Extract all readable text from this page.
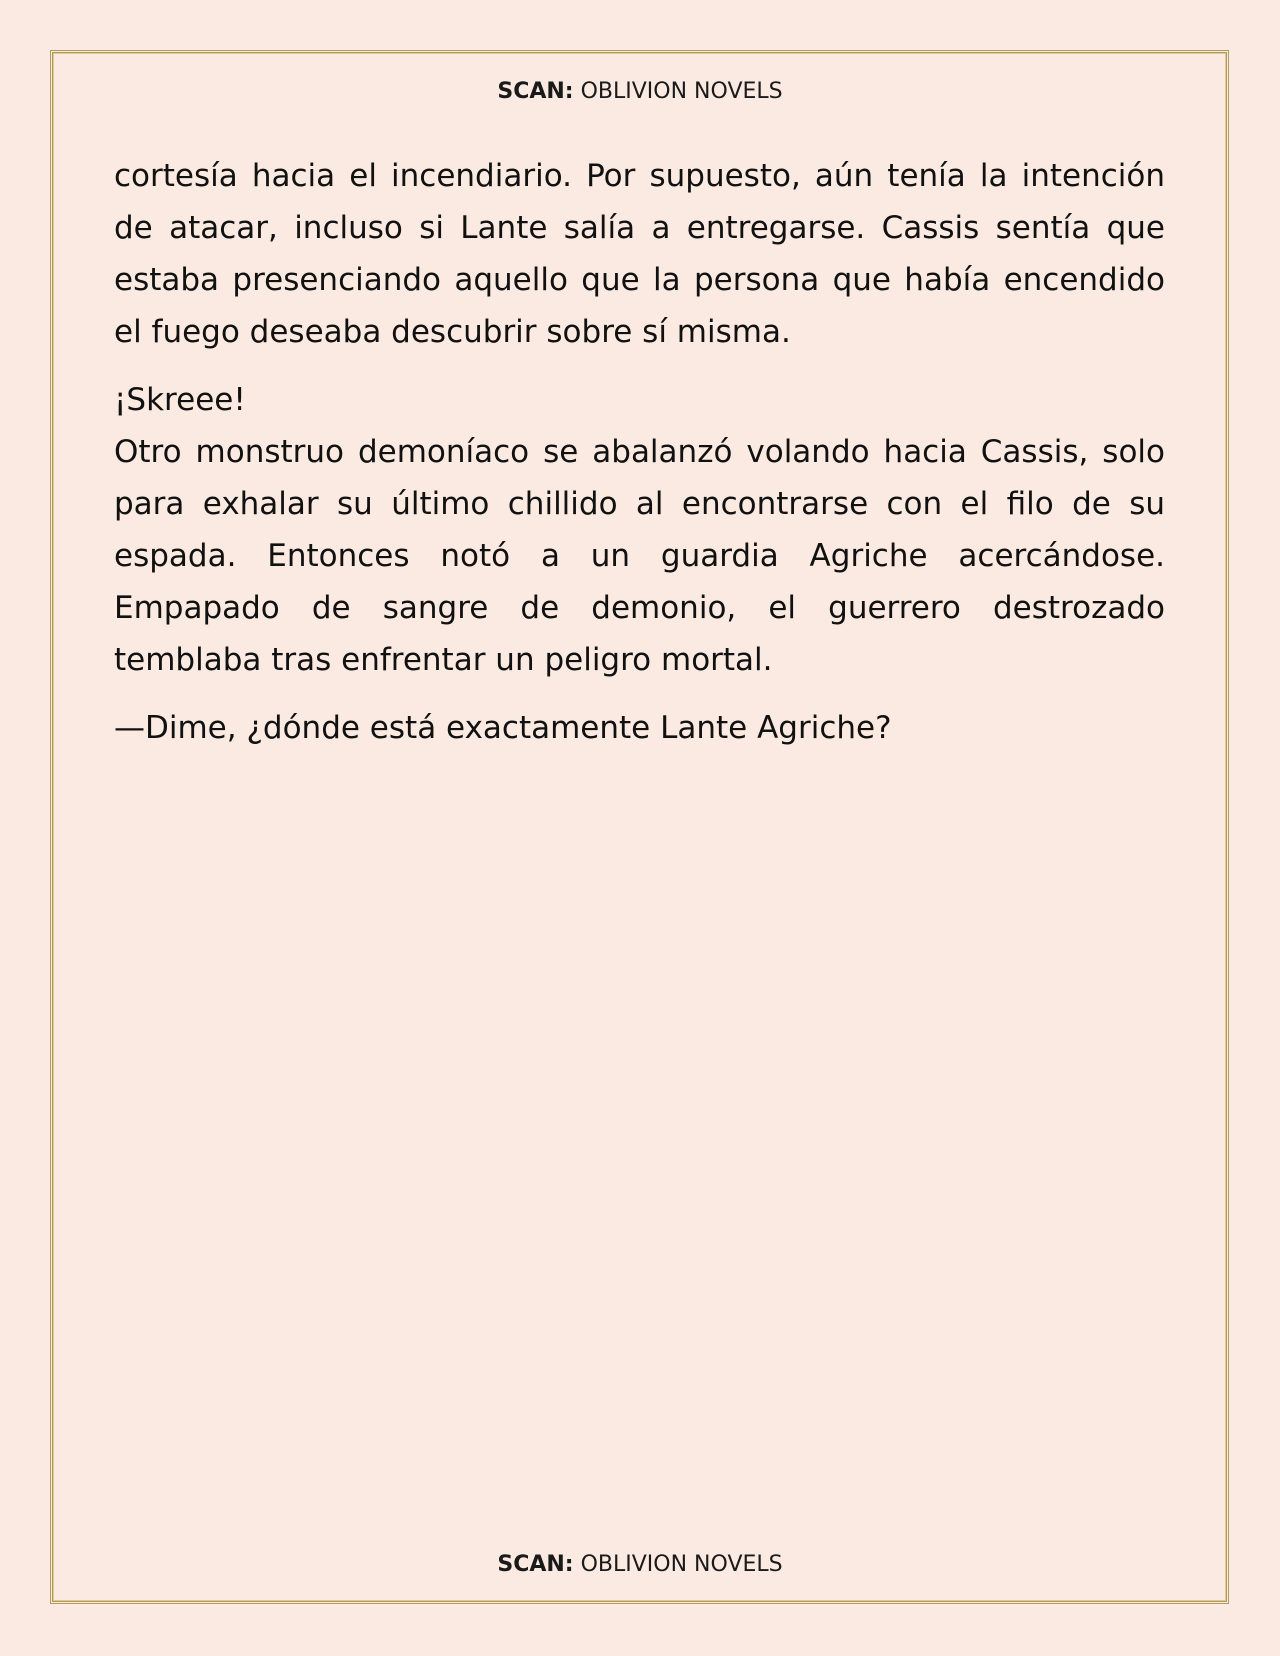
SCAN: OBLIVION NOVELS

cortesía hacia el incendiario. Por supuesto, aún tenía la intención de atacar, incluso si Lante salía a entregarse. Cassis sentía que estaba presenciando aquello que la persona que había encendido el fuego deseaba descubrir sobre sí misma.

¡Skreee!

Otro monstruo demoníaco se abalanzó volando hacia Cassis, solo para exhalar su último chillido al encontrarse con el filo de su espada. Entonces notó a un guardia Agriche acercándose. Empapado de sangre de demonio, el guerrero destrozado temblaba tras enfrentar un peligro mortal.

—Dime, ¿dónde está exactamente Lante Agriche?

SCAN: OBLIVION NOVELS
